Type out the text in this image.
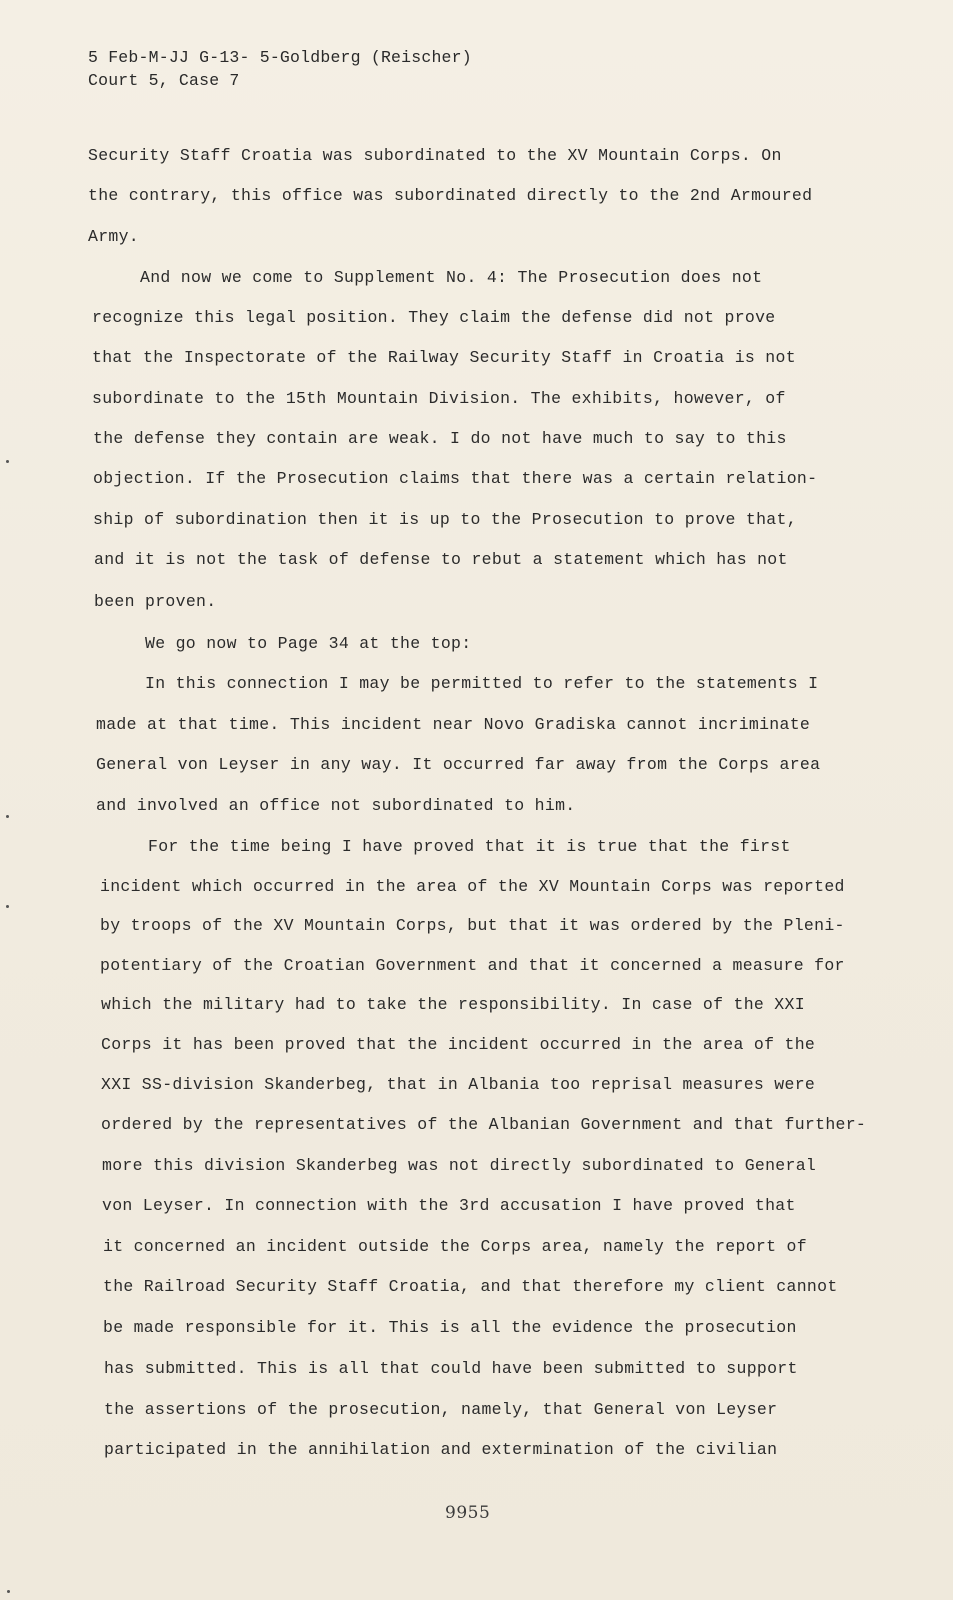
5 Feb-M-JJ G-13- 5-Goldberg (Reischer)
Court 5, Case 7
Security Staff Croatia was subordinated to the XV Mountain Corps. On
the contrary, this office was subordinated directly to the 2nd Armoured
Army.
And now we come to Supplement No. 4: The Prosecution does not
recognize this legal position. They claim the defense did not prove
that the Inspectorate of the Railway Security Staff in Croatia is not
subordinate to the 15th Mountain Division. The exhibits, however, of
the defense they contain are weak. I do not have much to say to this
objection. If the Prosecution claims that there was a certain relation-
ship of subordination then it is up to the Prosecution to prove that,
and it is not the task of defense to rebut a statement which has not
been proven.
We go now to Page 34 at the top:
In this connection I may be permitted to refer to the statements I
made at that time. This incident near Novo Gradiska cannot incriminate
General von Leyser in any way. It occurred far away from the Corps area
and involved an office not subordinated to him.
For the time being I have proved that it is true that the first
incident which occurred in the area of the XV Mountain Corps was reported
by troops of the XV Mountain Corps, but that it was ordered by the Pleni-
potentiary of the Croatian Government and that it concerned a measure for
which the military had to take the responsibility. In case of the XXI
Corps it has been proved that the incident occurred in the area of the
XXI SS-division Skanderbeg, that in Albania too reprisal measures were
ordered by the representatives of the Albanian Government and that further-
more this division Skanderbeg was not directly subordinated to General
von Leyser. In connection with the 3rd accusation I have proved that
it concerned an incident outside the Corps area, namely the report of
the Railroad Security Staff Croatia, and that therefore my client cannot
be made responsible for it. This is all the evidence the prosecution
has submitted. This is all that could have been submitted to support
the assertions of the prosecution, namely, that General von Leyser
participated in the annihilation and extermination of the civilian
9955
